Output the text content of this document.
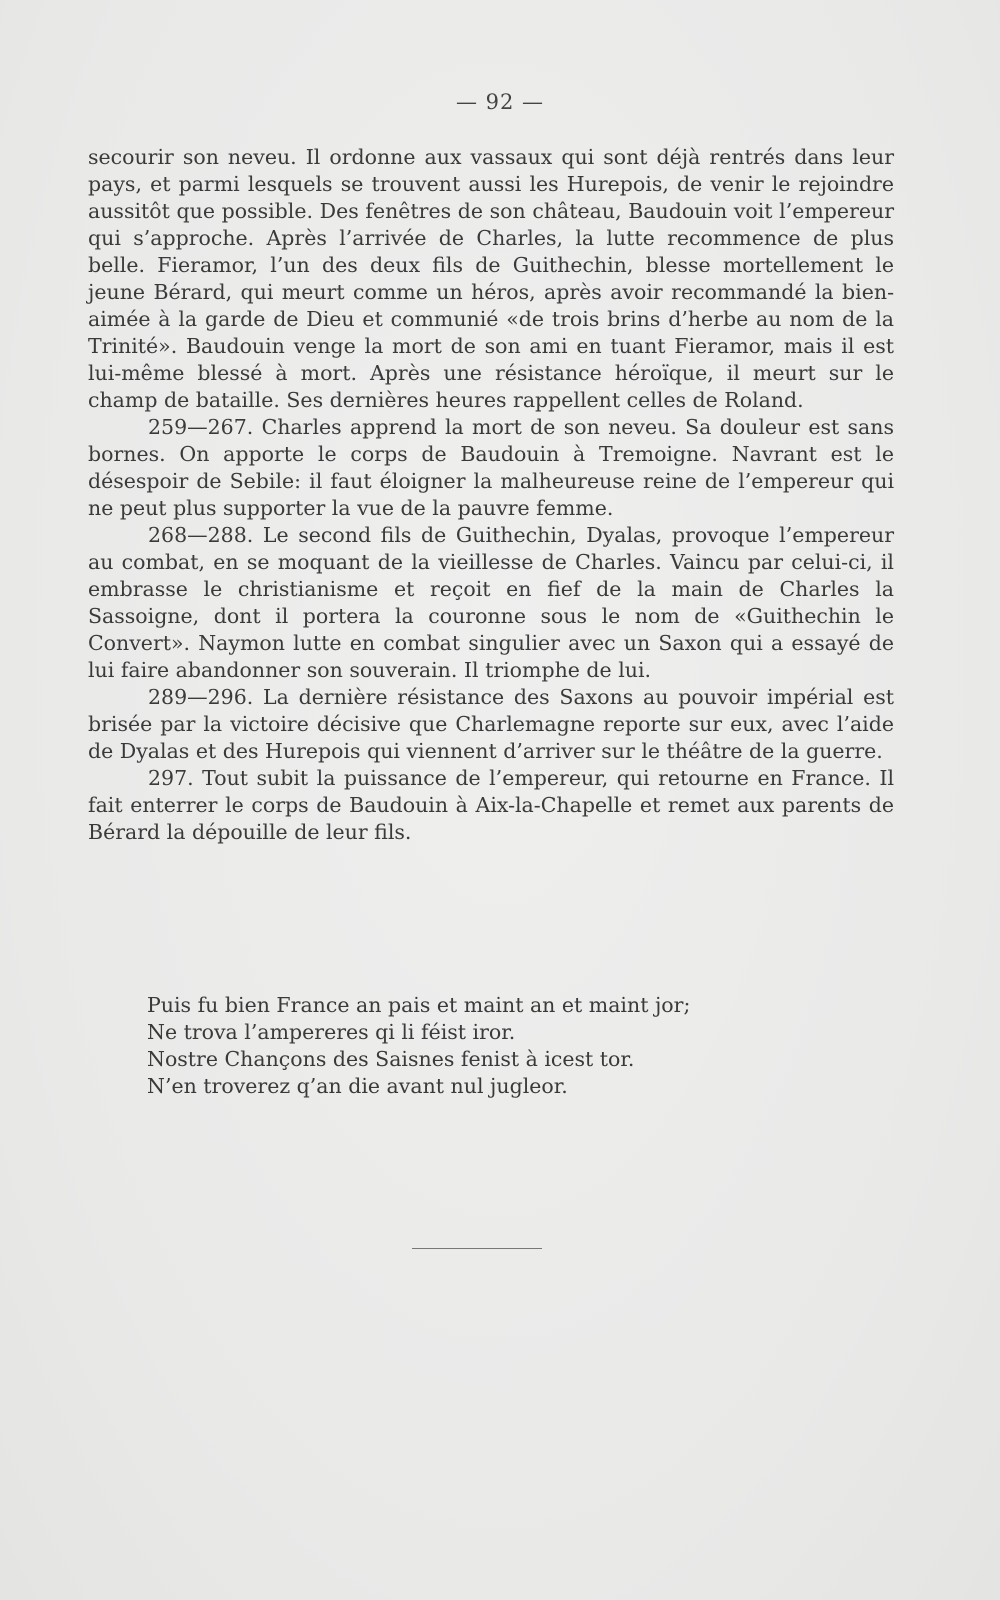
— 92 —

secourir son neveu. Il ordonne aux vassaux qui sont déjà rentrés dans leur pays, et parmi lesquels se trouvent aussi les Hurepois, de venir le rejoindre aussitôt que possible. Des fenêtres de son château, Baudouin voit l’empereur qui s’approche. Après l’arrivée de Charles, la lutte recommence de plus belle. Fieramor, l’un des deux fils de Guithechin, blesse mortellement le jeune Bérard, qui meurt comme un héros, après avoir recommandé la bien-aimée à la garde de Dieu et communié «de trois brins d’herbe au nom de la Trinité». Baudouin venge la mort de son ami en tuant Fieramor, mais il est lui-même blessé à mort. Après une résistance héroïque, il meurt sur le champ de bataille. Ses dernières heures rappellent celles de Roland.

259—267. Charles apprend la mort de son neveu. Sa douleur est sans bornes. On apporte le corps de Baudouin à Tremoigne. Navrant est le désespoir de Sebile: il faut éloigner la malheureuse reine de l’empereur qui ne peut plus supporter la vue de la pauvre femme.

268—288. Le second fils de Guithechin, Dyalas, provoque l’empereur au combat, en se moquant de la vieillesse de Charles. Vaincu par celui-ci, il embrasse le christianisme et reçoit en fief de la main de Charles la Sassoigne, dont il portera la couronne sous le nom de «Guithechin le Convert». Naymon lutte en combat singulier avec un Saxon qui a essayé de lui faire abandonner son souverain. Il triomphe de lui.

289—296. La dernière résistance des Saxons au pouvoir impérial est brisée par la victoire décisive que Charlemagne reporte sur eux, avec l’aide de Dyalas et des Hurepois qui viennent d’arriver sur le théâtre de la guerre.

297. Tout subit la puissance de l’empereur, qui retourne en France. Il fait enterrer le corps de Baudouin à Aix-la-Chapelle et remet aux parents de Bérard la dépouille de leur fils.

Puis fu bien France an pais et maint an et maint jor;
Ne trova l’ampereres qi li féist iror.
Nostre Chançons des Saisnes fenist à icest tor.
N’en troverez q’an die avant nul jugleor.
